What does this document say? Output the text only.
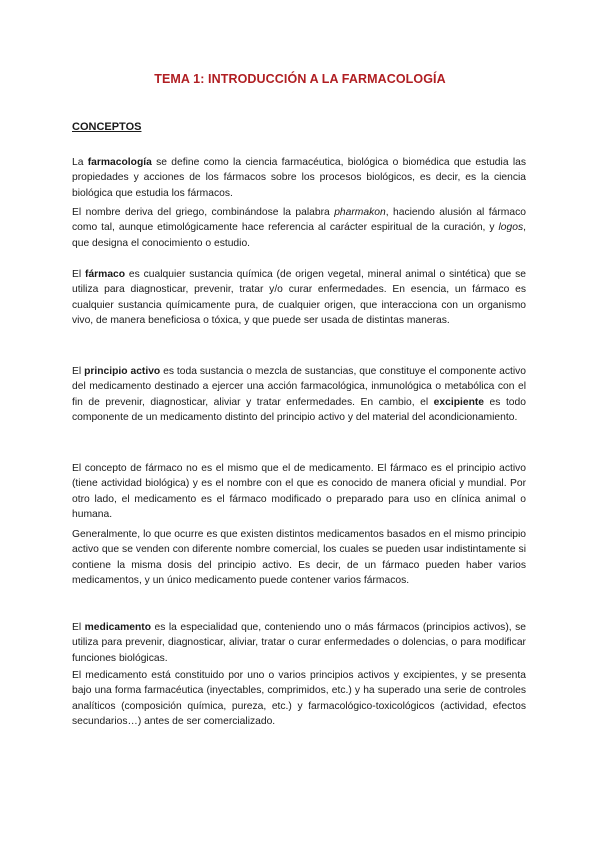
TEMA 1: INTRODUCCIÓN A LA FARMACOLOGÍA
CONCEPTOS

La farmacología se define como la ciencia farmacéutica, biológica o biomédica que estudia las propiedades y acciones de los fármacos sobre los procesos biológicos, es decir, es la ciencia biológica que estudia los fármacos.

El nombre deriva del griego, combinándose la palabra pharmakon, haciendo alusión al fármaco como tal, aunque etimológicamente hace referencia al carácter espiritual de la curación, y logos, que designa el conocimiento o estudio.

El fármaco es cualquier sustancia química (de origen vegetal, mineral animal o sintética) que se utiliza para diagnosticar, prevenir, tratar y/o curar enfermedades. En esencia, un fármaco es cualquier sustancia químicamente pura, de cualquier origen, que interacciona con un organismo vivo, de manera beneficiosa o tóxica, y que puede ser usada de distintas maneras.

El principio activo es toda sustancia o mezcla de sustancias, que constituye el componente activo del medicamento destinado a ejercer una acción farmacológica, inmunológica o metabólica con el fin de prevenir, diagnosticar, aliviar y tratar enfermedades. En cambio, el excipiente es todo componente de un medicamento distinto del principio activo y del material del acondicionamiento.

El concepto de fármaco no es el mismo que el de medicamento. El fármaco es el principio activo (tiene actividad biológica) y es el nombre con el que es conocido de manera oficial y mundial. Por otro lado, el medicamento es el fármaco modificado o preparado para uso en clínica animal o humana.

Generalmente, lo que ocurre es que existen distintos medicamentos basados en el mismo principio activo que se venden con diferente nombre comercial, los cuales se pueden usar indistintamente si contiene la misma dosis del principio activo. Es decir, de un fármaco pueden haber varios medicamentos, y un único medicamento puede contener varios fármacos.

El medicamento es la especialidad que, conteniendo uno o más fármacos (principios activos), se utiliza para prevenir, diagnosticar, aliviar, tratar o curar enfermedades o dolencias, o para modificar funciones biológicas.

El medicamento está constituido por uno o varios principios activos y excipientes, y se presenta bajo una forma farmacéutica (inyectables, comprimidos, etc.) y ha superado una serie de controles analíticos (composición química, pureza, etc.) y farmacológico-toxicológicos (actividad, efectos secundarios…) antes de ser comercializado.
